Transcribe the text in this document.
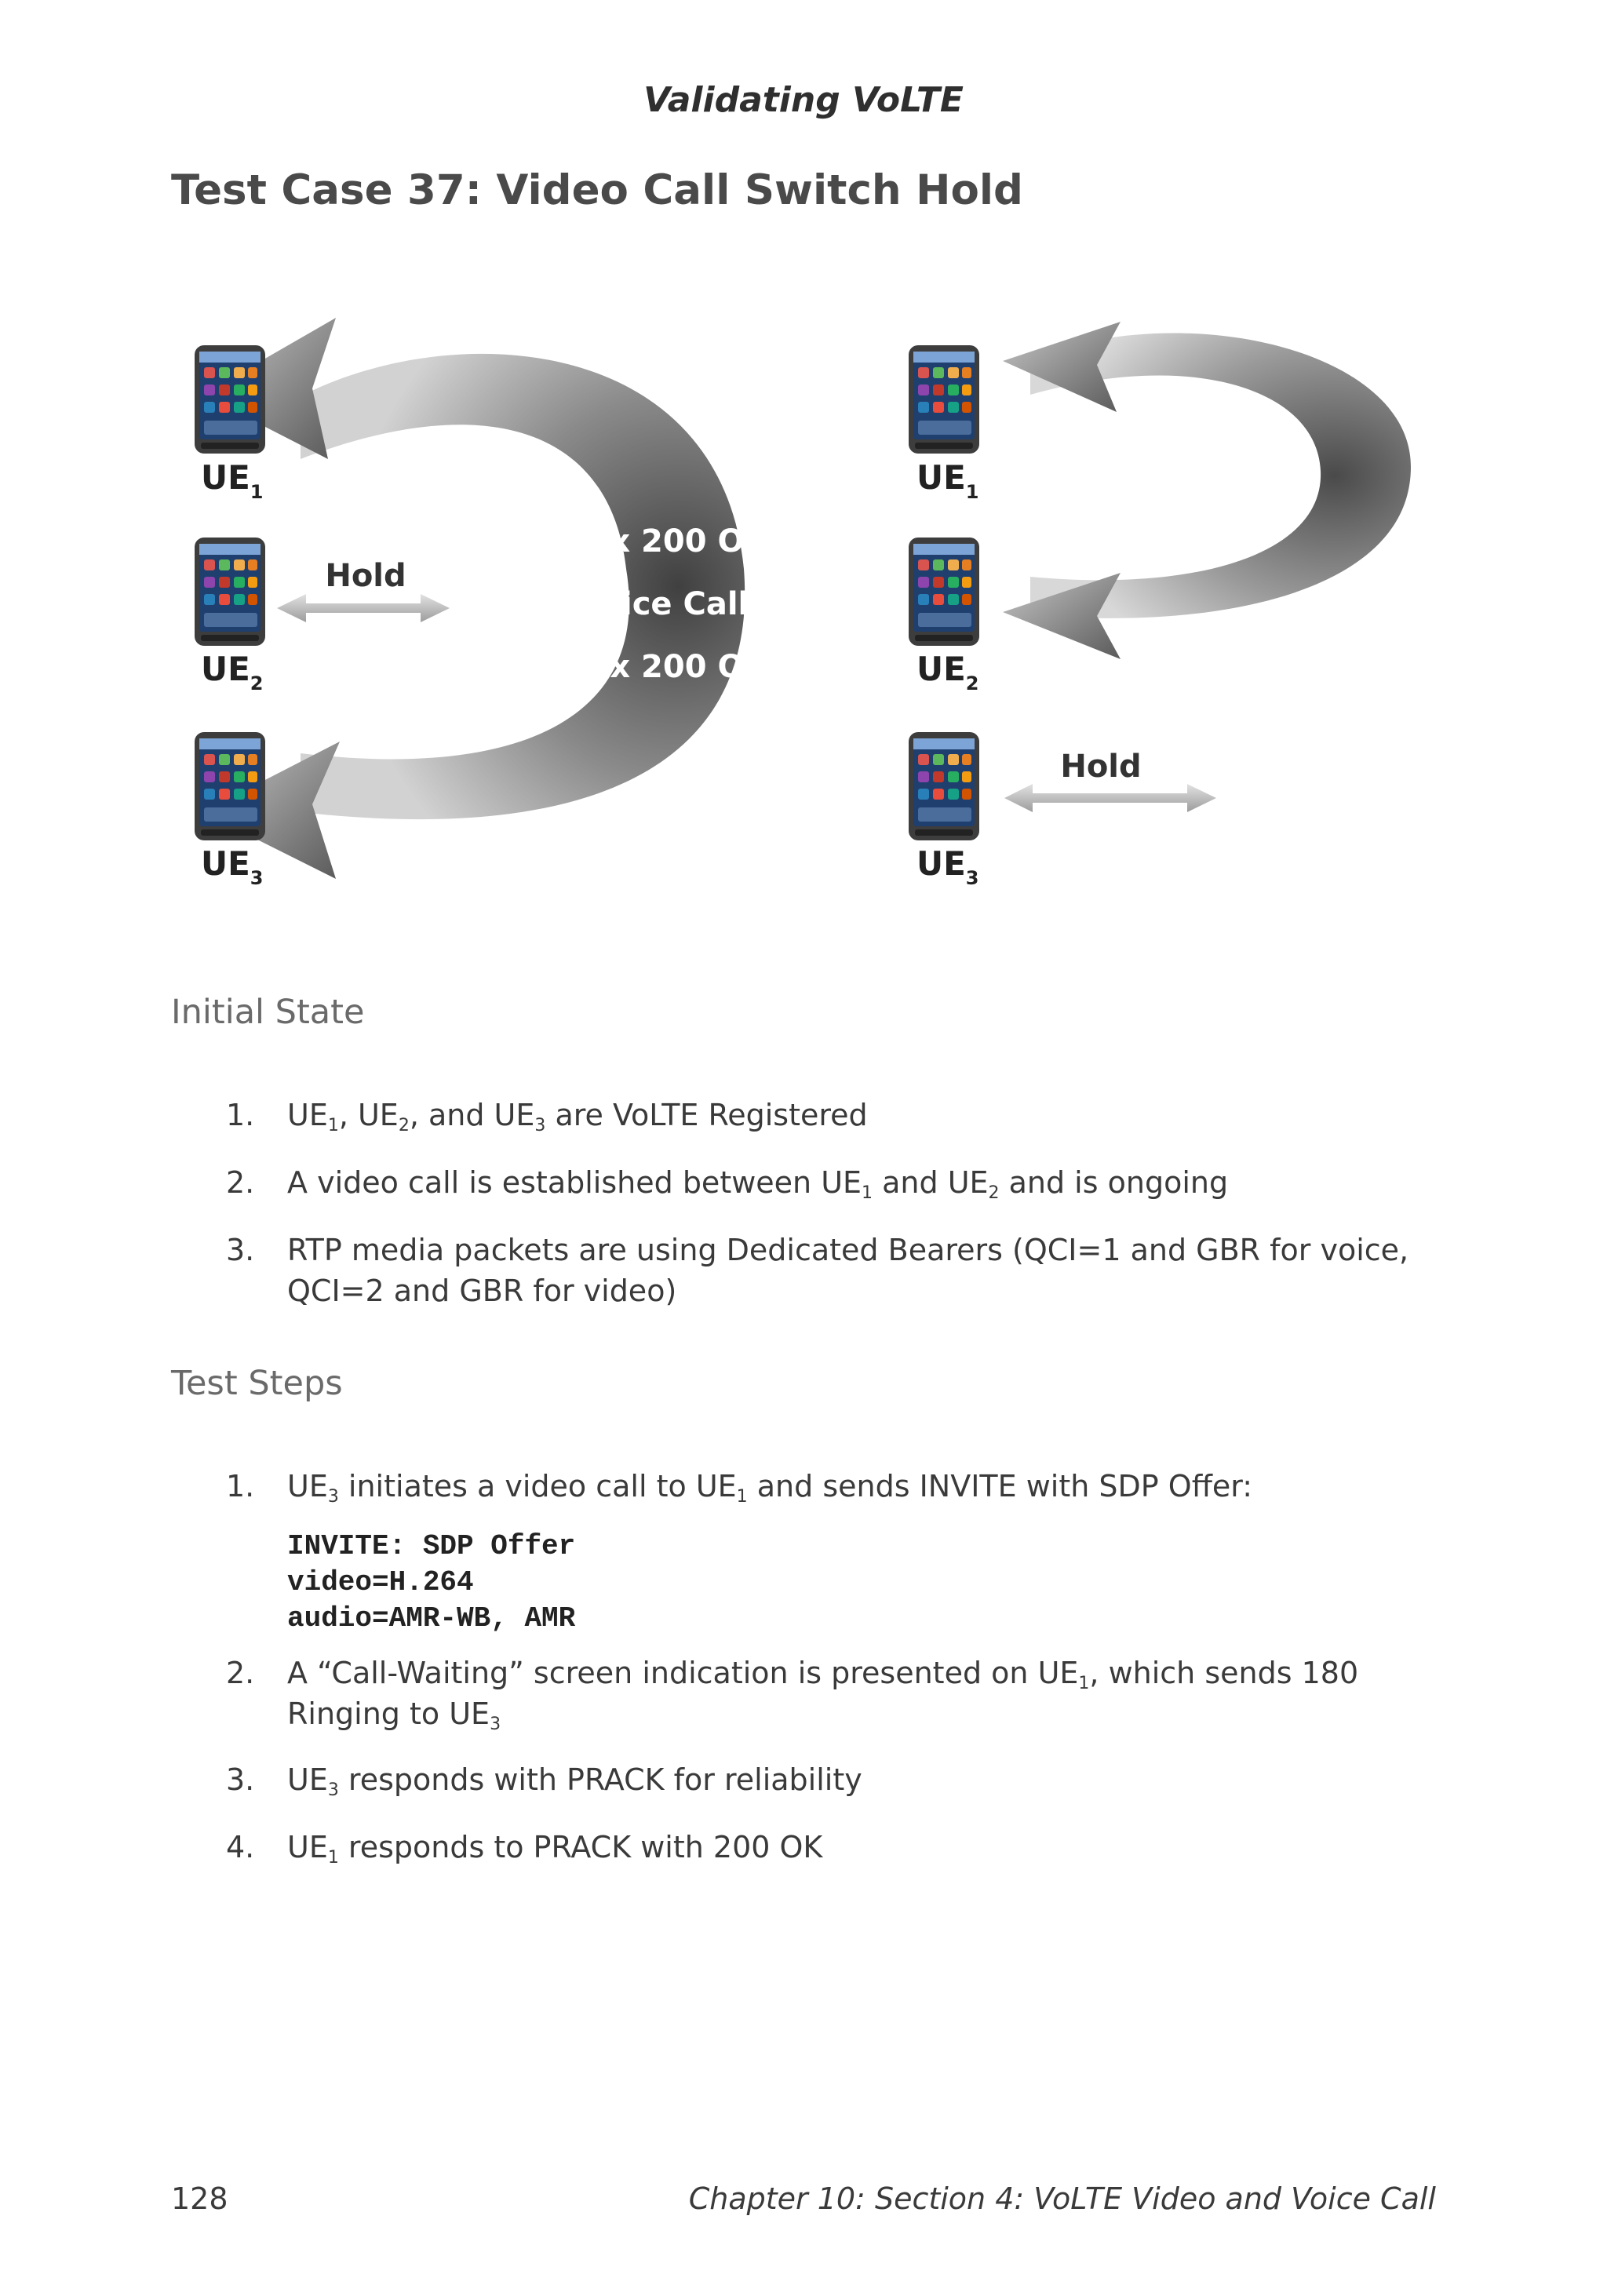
Validating VoLTE
Test Case 37: Video Call Switch Hold
Rx 200 OK
Voice Call
Rx 200 OK
Hold
$UE_1$
$UE_2$
$UE_3$
Hold
$UE_1$
$UE_2$
$UE_3$
Initial State
1.	$UE_1$, $UE_2$, and $UE_3$ are VoLTE Registered
2.	A video call is established between $UE_1$ and $UE_2$ and is ongoing
3.	RTP media packets are using Dedicated Bearers (QCI=1 and GBR for voice, QCI=2 and GBR for video)
Test Steps
1.	$UE_3$ initiates a video call to $UE_1$ and sends INVITE with SDP Offer:
INVITE: SDP Offer
video=H.264
audio=AMR-WB, AMR
2.	A “Call-Waiting” screen indication is presented on $UE_1$, which sends 180 Ringing to $UE_3$
3.	$UE_3$ responds with PRACK for reliability
4.	$UE_1$ responds to PRACK with 200 OK
128	Chapter 10: Section 4: VoLTE Video and Voice Call
